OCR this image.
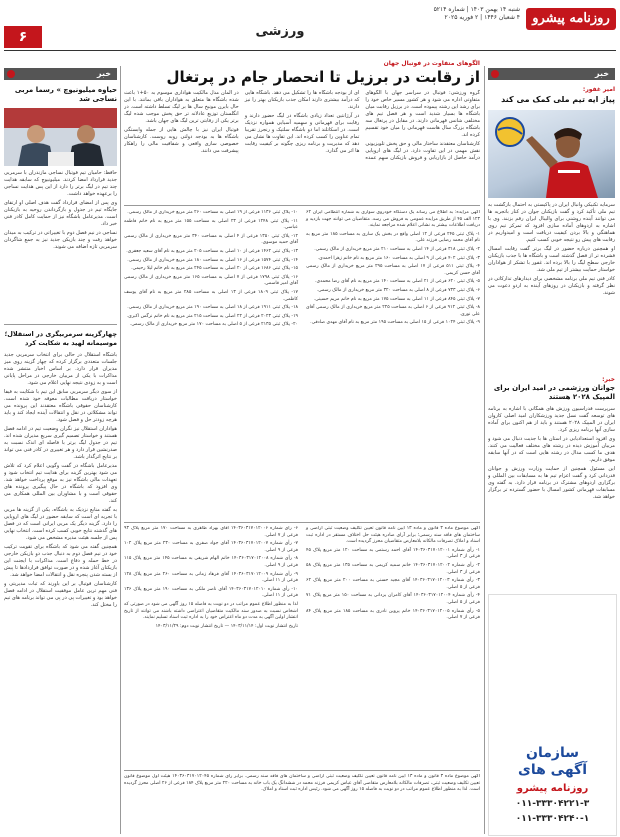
۶	ورزشی
شنبه ۱۴ بهمن ۱۴۰۳ | شماره ۵۲۱۴
۴ شعبان ۱۴۴۶ | ۲ فوریه ۲۰۲۵ روزنامه پیشرو
خبر
امیر غفور:
پیاز ایه تیم ملی کمک می کند

سرمایه تکنیکی وانبال ایران در پاکیستی به احتمال بازگشت به تیم ملی تأکید کرد و گفت بازیکنان جوان در کنار باتجربه ها می توانند آینده روشنی برای والیبال ایران رقم بزنند. وی با اشاره به اردوهای آماده سازی افزود که تمرکز تیم روی هماهنگی و بالا بردن کیفیت دریافت است و امیدواریم در رقابت های پیش رو نتیجه خوبی کسب کنیم.

او همچنین درباره حضور در لیگ برتر گفت رقابت امسال فشرده تر از فصل گذشته است و باشگاه ها با جذب بازیکنان خارجی سطح لیگ را بالا برده اند. غفور با تشکر از هواداران خواستار حمایت بیشتر از تیم ملی شد.

کادر فنی تیم ملی برنامه مشخصی برای دیدارهای تدارکاتی در نظر گرفته و بازیکنان در روزهای آینده به اردو دعوت می شوند.

خبر:
جوانان ورزشمی در امید ایران برای المپیک ۲۰۲۸ هستند

سرپرست فدراسیون ورزش های همگانی با اشاره به برنامه های توسعه گفت نسل جدید ورزشکاران امید اصلی کاروان ایران در المپیک ۲۰۲۸ هستند و باید از هم اکنون برای آماده سازی آنها برنامه ریزی کرد.

وی افزود استعدادیابی در استان ها با جدیت دنبال می شود و مربیان آموزش دیده در رشته های مختلف فعالیت می کنند. هدف ما کسب مدال در رشته هایی است که در آنها سابقه موفق داریم.

این مسئول همچنین از حمایت وزارت ورزش و جوانان قدردانی کرد و گفت اعزام تیم ها به مسابقات بین المللی و برگزاری اردوهای مشترک در برنامه قرار دارد. به گفته وی مسابقات قهرمانی کشور امسال با حضور گسترده تر برگزار خواهد شد.

سازمان
آگهی های
روزنامه پیشرو
۰۱۱-۳۳۳۰۴۲۲۱-۳
۰۱۱-۳۳۳۰۴۲۴۰-۱
الگوهای متفاوت در فوتبال جهان
از رقابت در برزیل تا انحصار جام در پرتغال

گروه ورزشی: فوتبال در سراسر جهان با الگوهای متفاوتی اداره می شود و هر کشور مسیر خاص خود را برای رشد این رشته پیموده است. در برزیل رقابت میان باشگاه ها بسیار شدید است و هر فصل تیم های مختلفی شانس قهرمانی دارند. در مقابل در پرتغال سه باشگاه بزرگ سال هاست قهرمانی را میان خود تقسیم کرده اند.

کارشناسان معتقدند ساختار مالی و حق پخش تلویزیونی نقش مهمی در این تفاوت دارد. در لیگ های اروپایی درآمد حاصل از بازاریابی و فروش بازیکنان سهم عمده ای از بودجه باشگاه ها را تشکیل می دهد. باشگاه هایی که درآمد بیشتری دارند امکان جذب بازیکنان بهتر را نیز دارند.

در آرژانتین تعداد زیادی باشگاه در لیگ حضور دارند و رقابت برای قهرمانی و سهمیه آسیایی همواره نزدیک است. در اسکاتلند اما دو باشگاه سلتیک و رنجرز تقریبا تمام عناوین را کسب کرده اند. این تفاوت ها نشان می دهد که مدیریت و برنامه ریزی چگونه بر کیفیت رقابت ها اثر می گذارد.

در آلمان مدل مالکیت هواداری موسوم به ۵۰+۱ باعث شده باشگاه ها متعلق به هواداران باقی بمانند. با این حال بایرن مونیخ سال ها بر لیگ تسلط داشته است. در انگلستان توزیع عادلانه تر حق پخش موجب شده لیگ برتر یکی از رقابتی ترین لیگ های جهان باشد.

فوتبال ایران نیز با چالش هایی از جمله وابستگی باشگاه ها به بودجه دولتی روبه روست. کارشناسان خصوصی سازی واقعی و شفافیت مالی را راهکار پیشرفت می دانند.

آگهی مزایده: به اطلاع می رساند یک دستگاه خودروی سواری به شماره انتظامی ایران ۶۲ ۱۲۳ الف ۴۵ از طریق مزایده عمومی به فروش می رسد. متقاضیان می توانند جهت بازدید و دریافت اطلاعات بیشتر به نشانی اعلام شده مراجعه نمایند.

۱- پلاک ثبتی ۲۴۵ فرعی از ۱۲ اصلی واقع در بخش یک ساری به مساحت ۱۸۵ متر مربع به نام آقای محمد رضایی فرزند علی.

۲- پلاک ثبتی ۳۱۸ فرعی از ۱۴ اصلی به مساحت ۲۱۰ متر مربع خریداری از مالک رسمی.

۳- پلاک ثبتی ۴۰۲ فرعی از ۹ اصلی به مساحت ۱۶۰ متر مربع به نام خانم زهرا احمدی.

۴- پلاک ثبتی ۵۱۱ فرعی از ۱۷ اصلی به مساحت ۲۹۵ متر مربع خریداری از مالک رسمی آقای حسن کریمی.

۵- پلاک ثبتی ۶۲۰ فرعی از ۲۱ اصلی به مساحت ۱۴۰ متر مربع به نام آقای رضا محمدی.

۶- پلاک ثبتی ۷۳۳ فرعی از ۸ اصلی به مساحت ۳۲۰ متر مربع خریداری از مالک رسمی.

۷- پلاک ثبتی ۸۴۵ فرعی از ۱۱ اصلی به مساحت ۱۷۵ متر مربع به نام خانم مریم حسینی.

۸- پلاک ثبتی ۹۱۲ فرعی از ۶ اصلی به مساحت ۲۲۵ متر مربع خریداری از مالک رسمی آقای علی نوری.

۹- پلاک ثبتی ۱۰۲۴ فرعی از ۱۵ اصلی به مساحت ۱۹۵ متر مربع به نام آقای مهدی صادقی.

۱۰- پلاک ثبتی ۱۱۳۶ فرعی از ۱۹ اصلی به مساحت ۲۶۰ متر مربع خریداری از مالک رسمی.

۱۱- پلاک ثبتی ۱۲۴۸ فرعی از ۲۳ اصلی به مساحت ۱۵۵ متر مربع به نام خانم فاطمه عباسی.

۱۲- پلاک ثبتی ۱۳۵۰ فرعی از ۴ اصلی به مساحت ۳۴۰ متر مربع خریداری از مالک رسمی آقای حمید موسوی.

۱۳- پلاک ثبتی ۱۴۶۲ فرعی از ۱۰ اصلی به مساحت ۲۰۵ متر مربع به نام آقای سعید جعفری.

۱۴- پلاک ثبتی ۱۵۷۴ فرعی از ۱۶ اصلی به مساحت ۱۸۰ متر مربع خریداری از مالک رسمی.

۱۵- پلاک ثبتی ۱۶۸۶ فرعی از ۲۰ اصلی به مساحت ۲۴۵ متر مربع به نام خانم لیلا رحیمی.

۱۶- پلاک ثبتی ۱۷۹۸ فرعی از ۷ اصلی به مساحت ۱۶۵ متر مربع خریداری از مالک رسمی آقای امیر قاسمی.

۱۷- پلاک ثبتی ۱۸۰۹ فرعی از ۱۳ اصلی به مساحت ۲۸۵ متر مربع به نام آقای یوسف کاظمی.

۱۸- پلاک ثبتی ۱۹۱۱ فرعی از ۱۸ اصلی به مساحت ۱۹۰ متر مربع خریداری از مالک رسمی.

۱۹- پلاک ثبتی ۲۰۲۳ فرعی از ۲۲ اصلی به مساحت ۲۱۵ متر مربع به نام خانم نرگس اکبری.

۲۰- پلاک ثبتی ۲۱۳۵ فرعی از ۵ اصلی به مساحت ۱۷۰ متر مربع خریداری از مالک رسمی.

آگهی موضوع ماده ۳ قانون و ماده ۱۳ آیین نامه قانون تعیین تکلیف وضعیت ثبتی اراضی و ساختمان های فاقد سند رسمی؛ برابر آرای صادره هیئت حل اختلاف مستقر در اداره ثبت اسناد و املاک تصرفات مالکانه بلامعارض متقاضیان محرز گردیده است.

۱- رأی شماره ۱۴۰۳۶۰۳۱۷۰۱۲۰۰۱ آقای احمد رستمی به مساحت ۱۲۰ متر مربع پلاک ۴۵ فرعی از ۳ اصلی.

۲- رأی شماره ۱۴۰۳۶۰۳۱۷۰۱۲۰۰۲ خانم سمیه کریمی به مساحت ۱۳۵ متر مربع پلاک ۵۸ فرعی از ۳ اصلی.

۳- رأی شماره ۱۴۰۳۶۰۳۱۷۰۱۲۰۰۳ آقای مجید حسنی به مساحت ۲۰۰ متر مربع پلاک ۶۲ فرعی از ۵ اصلی.

۴- رأی شماره ۱۴۰۳۶۰۳۱۷۰۱۲۰۰۴ آقای کامران یزدانی به مساحت ۱۵۰ متر مربع پلاک ۷۱ فرعی از ۵ اصلی.

۵- رأی شماره ۱۴۰۳۶۰۳۱۷۰۱۲۰۰۵ خانم پروین نادری به مساحت ۱۸۵ متر مربع پلاک ۸۴ فرعی از ۷ اصلی.

۶- رأی شماره ۱۴۰۳۶۰۳۱۷۰۱۲۰۰۶ آقای بهزاد طاهری به مساحت ۱۷۰ متر مربع پلاک ۹۳ فرعی از ۷ اصلی.

۷- رأی شماره ۱۴۰۳۶۰۳۱۷۰۱۲۰۰۷ آقای جواد صفری به مساحت ۲۳۰ متر مربع پلاک ۱۰۲ فرعی از ۹ اصلی.

۸- رأی شماره ۱۴۰۳۶۰۳۱۷۰۱۲۰۰۸ خانم الهام شریفی به مساحت ۱۴۵ متر مربع پلاک ۱۱۵ فرعی از ۹ اصلی.

۹- رأی شماره ۱۴۰۳۶۰۳۱۷۰۱۲۰۰۹ آقای فرهاد زمانی به مساحت ۲۶۰ متر مربع پلاک ۱۲۸ فرعی از ۱۱ اصلی.

۱۰- رأی شماره ۱۴۰۳۶۰۳۱۷۰۱۲۰۱۰ آقای ناصر ملکی به مساحت ۱۹۰ متر مربع پلاک ۱۳۶ فرعی از ۱۱ اصلی.

لذا به منظور اطلاع عموم مراتب در دو نوبت به فاصله ۱۵ روز آگهی می شود در صورتی که اشخاص نسبت به صدور سند مالکیت متقاضیان اعتراضی داشته باشند می توانند از تاریخ انتشار اولین آگهی به مدت دو ماه اعتراض خود را به اداره ثبت اسناد تسلیم نمایند.

تاریخ انتشار نوبت اول: ۱۴۰۳/۱۱/۱۴ — تاریخ انتشار نوبت دوم: ۱۴۰۳/۱۱/۲۹

آگهی موضوع ماده ۳ قانون و ماده ۱۳ آیین نامه قانون تعیین تکلیف وضعیت ثبتی اراضی و ساختمان های فاقد سند رسمی. برابر رأی شماره ۱۴۰۳۶۰۳۱۷۰۱۲۰۴۵ هیئت اول موضوع قانون تعیین تکلیف وضعیت ثبتی، تصرفات مالکانه بلامعارض متقاضی آقای عباس کریمی فرزند محمد در ششدانگ یک باب خانه به مساحت ۲۲۰ متر مربع پلاک ۱۸۴ فرعی از ۲۶ اصلی محرز گردیده است. لذا به منظور اطلاع عموم مراتب در دو نوبت به فاصله ۱۵ روز آگهی می شود. رئیس اداره ثبت اسناد و املاک.

خبر
حیاوه میلیونیوچ » رسما مربی
نساجی شد

حافظ: حامیان تیم فوتبال نساجی مازندران با سرمربی جدید قرارداد امضا کردند. میلیونیوچ که سابقه هدایت چند تیم در لیگ برتر را دارد از این پس هدایت نساجی را برعهده خواهد داشت.

وی پس از امضای قرارداد گفت هدف اصلی او ارتقای جایگاه تیم در جدول و بازگرداندن روحیه به بازیکنان است. مدیرعامل باشگاه نیز از حمایت کامل کادر فنی خبر داد.

نساجی در نیم فصل دوم با تغییراتی در ترکیب به میدان خواهد رفت و چند بازیکن جدید نیز به جمع شاگردان سرمربی تازه اضافه می شوند.

چهارگزینه سرمربیگری در استقلال؛
موسیمانه لهید به شکایت کرد

باشگاه استقلال در حالی برای انتخاب سرمربی جدید جلسات متعددی برگزار کرده که چهار گزینه روی میز مدیران قرار دارد. بر اساس اخبار منتشر شده مذاکرات با یکی از مربیان خارجی در مراحل پایانی است و به زودی نتیجه نهایی اعلام می شود.

از سوی دیگر سرمربی سابق این تیم با شکایت به فیفا خواستار دریافت مطالبات معوقه خود شده است. کارشناسان حقوقی باشگاه معتقدند این پرونده می تواند مشکلاتی در نقل و انتقالات آینده ایجاد کند و باید هرچه زودتر حل و فصل شود.

هواداران استقلال نیز نگران وضعیت تیم در ادامه فصل هستند و خواستار تصمیم گیری سریع مدیران شده اند. تیم در جدول لیگ برتر با فاصله ای اندک نسبت به صدرنشین قرار دارد و هر تغییری در کادر فنی می تواند بر نتایج اثرگذار باشد.

مدیرعامل باشگاه در گفت وگویی اعلام کرد که تلاش می شود بهترین گزینه برای هدایت تیم انتخاب شود و تعهدات مالی باشگاه نیز به موقع پرداخت خواهد شد. وی افزود که باشگاه در حال پیگیری پرونده های حقوقی است و با مشاوران بین المللی همکاری می کند.

به گفته منابع نزدیک به باشگاه، یکی از گزینه ها مربی با تجربه ای است که سابقه حضور در لیگ های اروپایی را دارد. گزینه دیگر یک مربی ایرانی است که در فصل های گذشته نتایج خوبی کسب کرده است. انتخاب نهایی پس از جلسه هیئت مدیره مشخص می شود.

همچنین گفته می شود که باشگاه برای تقویت ترکیب خود در نیم فصل دوم به دنبال جذب دو بازیکن خارجی در خط حمله و دفاع است. مذاکرات با ایجنت این بازیکنان آغاز شده و در صورت توافق قراردادها تا پیش از بسته شدن پنجره نقل و انتقالات امضا خواهد شد.

کارشناسان فوتبال بر این باورند که ثبات مدیریتی و فنی مهم ترین عامل موفقیت استقلال در ادامه فصل خواهد بود و تغییرات پی در پی می تواند برنامه های تیم را مختل کند.
